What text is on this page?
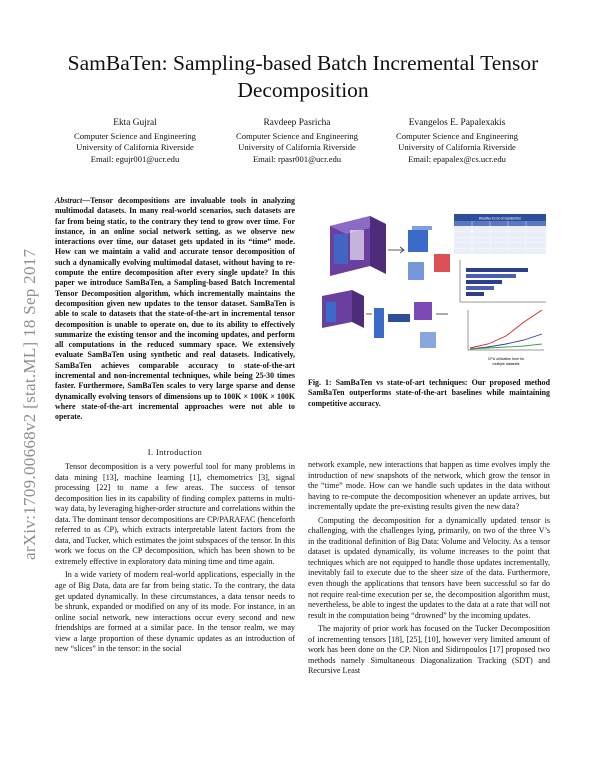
arXiv:1709.00668v2 [stat.ML] 18 Sep 2017
SamBaTen: Sampling-based Batch Incremental Tensor Decomposition
Ekta Gujral
Computer Science and Engineering
University of California Riverside
Email: egujr001@ucr.edu
Ravdeep Pasricha
Computer Science and Engineering
University of California Riverside
Email: rpasr001@ucr.edu
Evangelos E. Papalexakis
Computer Science and Engineering
University of California Riverside
Email: epapalex@cs.ucr.edu
Abstract—Tensor decompositions are invaluable tools in analyzing multimodal datasets. In many real-world scenarios, such datasets are far from being static, to the contrary they tend to grow over time. For instance, in an online social network setting, as we observe new interactions over time, our dataset gets updated in its “time” mode. How can we maintain a valid and accurate tensor decomposition of such a dynamically evolving multimodal dataset, without having to re-compute the entire decomposition after every single update? In this paper we introduce SamBaTen, a Sampling-based Batch Incremental Tensor Decomposition algorithm, which incrementally maintains the decomposition given new updates to the tensor dataset. SamBaTen is able to scale to datasets that the state-of-the-art in incremental tensor decomposition is unable to operate on, due to its ability to effectively summarize the existing tensor and the incoming updates, and perform all computations in the reduced summary space. We extensively evaluate SamBaTen using synthetic and real datasets. Indicatively, SamBaTen achieves comparable accuracy to state-of-the-art incremental and non-incremental techniques, while being 25-30 times faster. Furthermore, SamBaTen scales to very large sparse and dense dynamically evolving tensors of dimensions up to 100K × 100K × 100K where state-of-the-art incremental approaches were not able to operate.
I. Introduction

Tensor decomposition is a very powerful tool for many problems in data mining [13], machine learning [1], chemometrics [3], signal processing [22] to name a few areas. The success of tensor decomposition lies in its capability of finding complex patterns in multi-way data, by leveraging higher-order structure and correlations within the data. The dominant tensor decompositions are CP/PARAFAC (henceforth referred to as CP), which extracts interpretable latent factors from the data, and Tucker, which estimates the joint subspaces of the tensor. In this work we focus on the CP decomposition, which has been shown to be extremely effective in exploratory data mining time and time again.

In a wide variety of modern real-world applications, especially in the age of Big Data, data are far from being static. To the contrary, the data get updated dynamically. In these circumstances, a data tensor needs to be shrunk, expanded or modified on any of its mode. For instance, in an online social network, new interactions occur every second and new friendships are formed at a similar pace. In the tensor realm, we may view a large proportion of these dynamic updates as an introduction of new “slices” in the tensor: in the social

Relative Error of SamBaTen
CPU utilization time for
multiple datasets
Fig. 1: SamBaTen vs state-of-art techniques: Our proposed method SamBaTen outperforms state-of-the-art baselines while maintaining competitive accuracy.

network example, new interactions that happen as time evolves imply the introduction of new snapshots of the network, which grow the tensor in the “time” mode. How can we handle such updates in the data without having to re-compute the decomposition whenever an update arrives, but incrementally update the pre-existing results given the new data?

Computing the decomposition for a dynamically updated tensor is challenging, with the challenges lying, primarily, on two of the three V’s in the traditional definition of Big Data: Volume and Velocity. As a tensor dataset is updated dynamically, its volume increases to the point that techniques which are not equipped to handle those updates incrementally, inevitably fail to execute due to the sheer size of the data. Furthermore, even though the applications that tensors have been successful so far do not require real-time execution per se, the decomposition algorithm must, nevertheless, be able to ingest the updates to the data at a rate that will not result in the computation being “drowned” by the incoming updates.

The majority of prior work has focused on the Tucker Decomposition of incrementing tensors [18], [25], [10], however very limited amount of work has been done on the CP. Nion and Sidiropoulos [17] proposed two methods namely Simultaneous Diagonalization Tracking (SDT) and Recursive Least
